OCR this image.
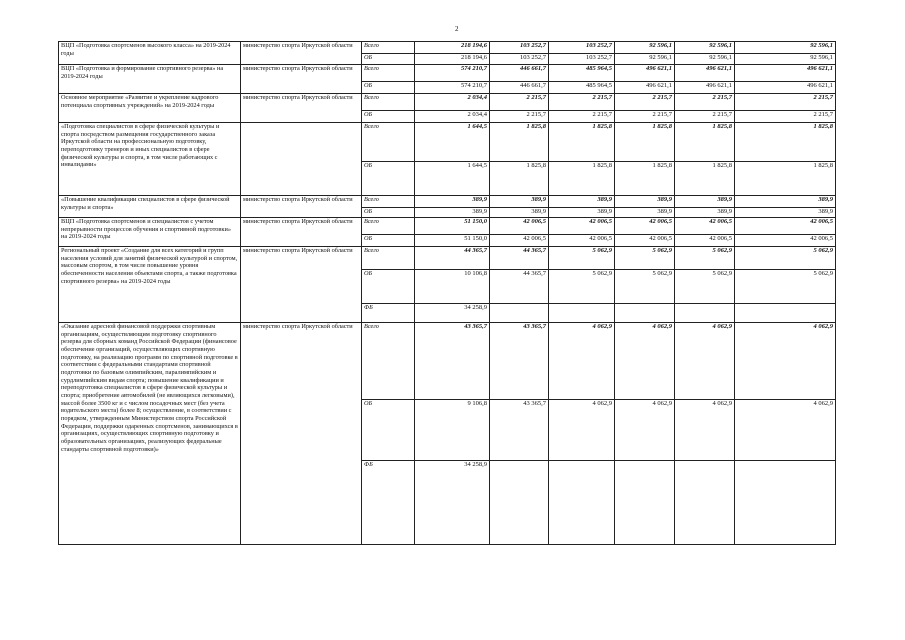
2
ВЦП «Подготовка спортсменов высокого класса» на 2019-2024 годы	министерство спорта Иркутской области	Всего	218 194,6	103 252,7	103 252,7	92 596,1	92 596,1	92 596,1
		ОБ	218 194,6	103 252,7	103 252,7	92 596,1	92 596,1	92 596,1
ВЦП «Подготовка и формирование спортивного резерва» на 2019-2024 годы	министерство спорта Иркутской области	Всего	574 210,7	446 661,7	485 964,5	496 621,1	496 621,1	496 621,1
		ОБ	574 210,7	446 661,7	485 964,5	496 621,1	496 621,1	496 621,1
Основное мероприятие «Развитие и укрепление кадрового потенциала спортивных учреждений» на 2019-2024 годы	министерство спорта Иркутской области	Всего	2 034,4	2 215,7	2 215,7	2 215,7	2 215,7	2 215,7
		ОБ	2 034,4	2 215,7	2 215,7	2 215,7	2 215,7	2 215,7
«Подготовка специалистов в сфере физической культуры и спорта посредством размещения государственного заказа Иркутской области на профессиональную подготовку, переподготовку тренеров и иных специалистов в сфере физической культуры и спорта, в том числе работающих с инвалидами»		Всего	1 644,5	1 825,8	1 825,8	1 825,8	1 825,8	1 825,8
		ОБ	1 644,5	1 825,8	1 825,8	1 825,8	1 825,8	1 825,8
«Повышение квалификации специалистов в сфере физической культуры и спорта»	министерство спорта Иркутской области	Всего	389,9	389,9	389,9	389,9	389,9	389,9
		ОБ	389,9	389,9	389,9	389,9	389,9	389,9
ВЦП «Подготовка спортсменов и специалистов с учетом непрерывности процессов обучения и спортивной подготовки» на 2019-2024 годы	министерство спорта Иркутской области	Всего	51 150,0	42 006,5	42 006,5	42 006,5	42 006,5	42 006,5
		ОБ	51 150,0	42 006,5	42 006,5	42 006,5	42 006,5	42 006,5
Региональный проект «Создание для всех категорий и групп населения условий для занятий физической культурой и спортом, массовым спортом, в том числе повышение уровня обеспеченности населения объектами спорта, а также подготовка спортивного резерва» на 2019-2024 годы	министерство спорта Иркутской области	Всего	44 365,7	44 365,7	5 062,9	5 062,9	5 062,9	5 062,9
		ОБ	10 106,8	44 365,7	5 062,9	5 062,9	5 062,9	5 062,9
		ФБ	34 258,9					
«Оказание адресной финансовой поддержки спортивным организациям, осуществляющим подготовку спортивного резерва для сборных команд Российской Федерации (финансовое обеспечение организаций, осуществляющих спортивную подготовку, на реализацию программ по спортивной подготовке в соответствии с федеральными стандартами спортивной подготовки по базовым олимпийским, паралимпийским и сурдлимпийским видам спорта; повышение квалификации и переподготовка специалистов в сфере физической культуры и спорта; приобретение автомобилей (не являющихся легковыми), массой более 3500 кг и с числом посадочных мест (без учета водительского места) более 8; осуществление, в соответствии с порядком, утвержденным Министерством спорта Российской Федерации, поддержки одаренных спортсменов, занимающихся в организациях, осуществляющих спортивную подготовку и образовательных организациях, реализующих федеральные стандарты спортивной подготовки)»	министерство спорта Иркутской области	Всего	43 365,7	43 365,7	4 062,9	4 062,9	4 062,9	4 062,9
		ОБ	9 106,8	43 365,7	4 062,9	4 062,9	4 062,9	4 062,9
		ФБ	34 258,9					
